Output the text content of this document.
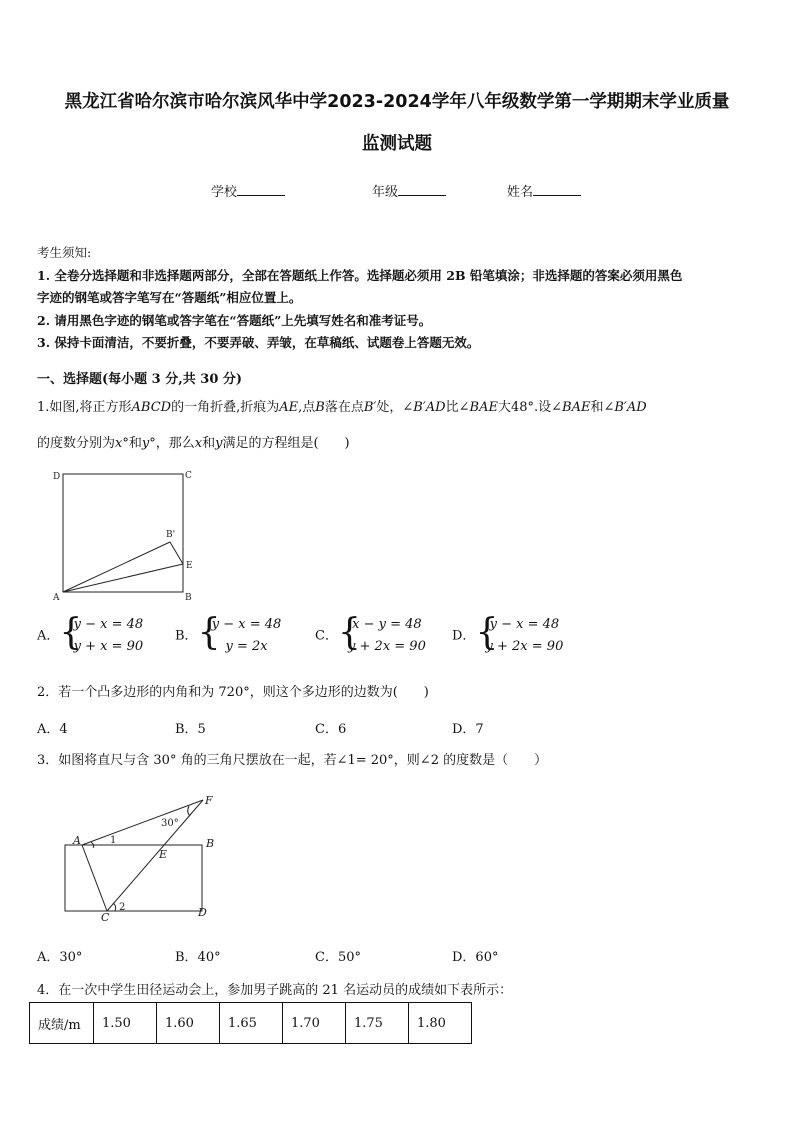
黑龙江省哈尔滨市哈尔滨风华中学2023-2024学年八年级数学第一学期期末学业质量
监测试题
学校	年级	姓名

考生须知:

1. 全卷分选择题和非选择题两部分，全部在答题纸上作答。选择题必须用 2B 铅笔填涂；非选择题的答案必须用黑色

字迹的钢笔或答字笔写在“答题纸”相应位置上。

2. 请用黑色字迹的钢笔或答字笔在“答题纸”上先填写姓名和准考证号。

3. 保持卡面清洁，不要折叠，不要弄破、弄皱，在草稿纸、试题卷上答题无效。

一、选择题(每小题 3 分,共 30 分)
1.如图,将正方形ABCD的一角折叠,折痕为AE,点B落在点B′处，∠B′AD比∠BAE大48°.设∠BAE和∠B′AD
的度数分别为x°和y°，那么x和y满足的方程组是(　　)
D	C
B'
E
A	B
A． {
y − x = 48
y + x = 90
B． {
y − x = 48
y = 2x
C． {
x − y = 48
y + 2x = 90
D． {
y − x = 48
y + 2x = 90
2．若一个凸多边形的内角和为 720°，则这个多边形的边数为(　　)
A．4	B．5	C．6	D．7
3．如图将直尺与含 30° 角的三角尺摆放在一起，若∠1= 20°，则∠2 的度数是（　　）
F
30°
A	1	B
E
C
2	D
A．30°	B．40°	C．50°	D．60°
4．在一次中学生田径运动会上，参加男子跳高的 21 名运动员的成绩如下表所示：
成绩/m	1.50	1.60	1.65	1.70	1.75	1.80
